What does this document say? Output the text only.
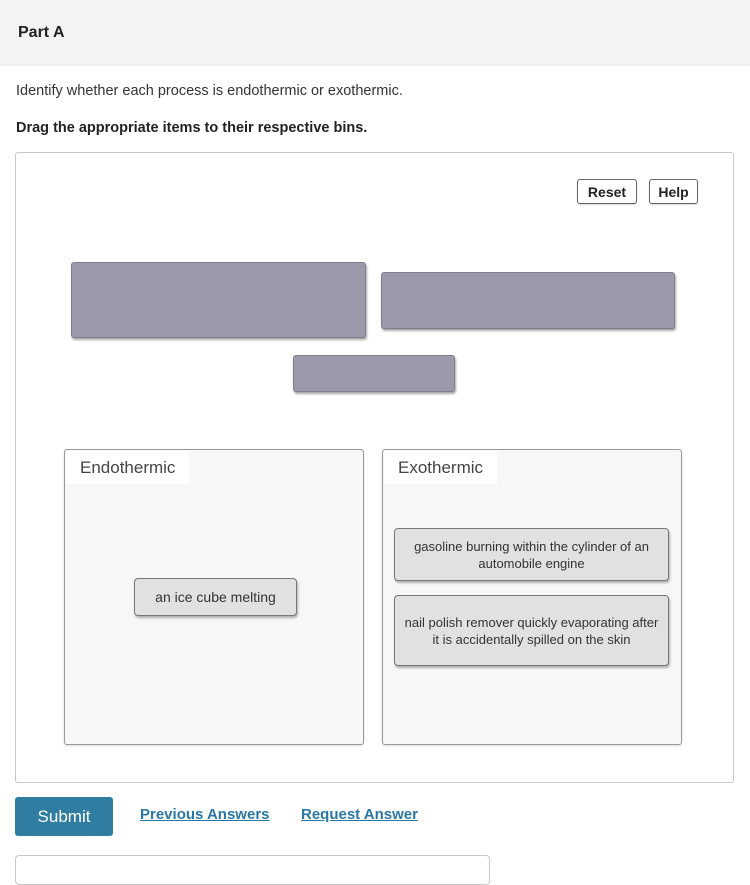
Part A
Identify whether each process is endothermic or exothermic.
Drag the appropriate items to their respective bins.
Reset	Help
Endothermic
an ice cube melting
Exothermic
gasoline burning within the cylinder of an automobile engine
nail polish remover quickly evaporating after it is accidentally spilled on the skin
Submit	Previous Answers Request Answer
